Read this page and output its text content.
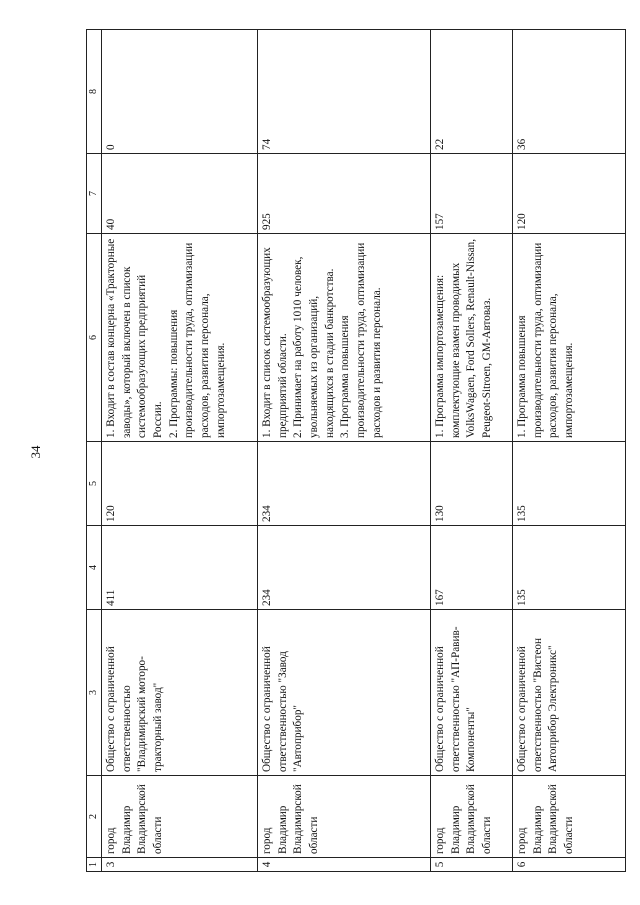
34
1	2	3	4	5	6	7	8
3	город Владимир Владимирской области	Общество с ограниченной ответственностью "Владимирский моторо-тракторный завод"	411	120	1. Входит в состав концерна «Тракторные заводы», который включен в список системообразующих предприятий России. 2. Программы: повышения производительности труда, оптимизации расходов, развития персонала, импортозамещения.	40	0
4	город Владимир Владимирской области	Общество с ограниченной ответственностью "Завод "Автоприбор"	234	234	1. Входит в список системообразующих предприятий области. 2. Принимает на работу 1010 человек, увольняемых из организаций, находящихся в стадии банкротства. 3. Программа повышения производительности труда, оптимизации расходов и развития персонала.	925	74
5	город Владимир Владимирской области	Общество с ограниченной ответственностью "АП-Равив-Компоненты"	167	130	1. Программа импортозамещения: комплектующие взамен проводимых VolksWagaen, Ford Sollers, Renault-Nissan, Peugeot-Sitroen, GM-Автоваз.	157	22
6	город Владимир Владимирской области	Общество с ограниченной ответственностью "Вистеон Автоприбор Электроникс"	135	135	1. Программа повышения производительности труда, оптимизации расходов, развития персонала, импортозамещения.	120	36
